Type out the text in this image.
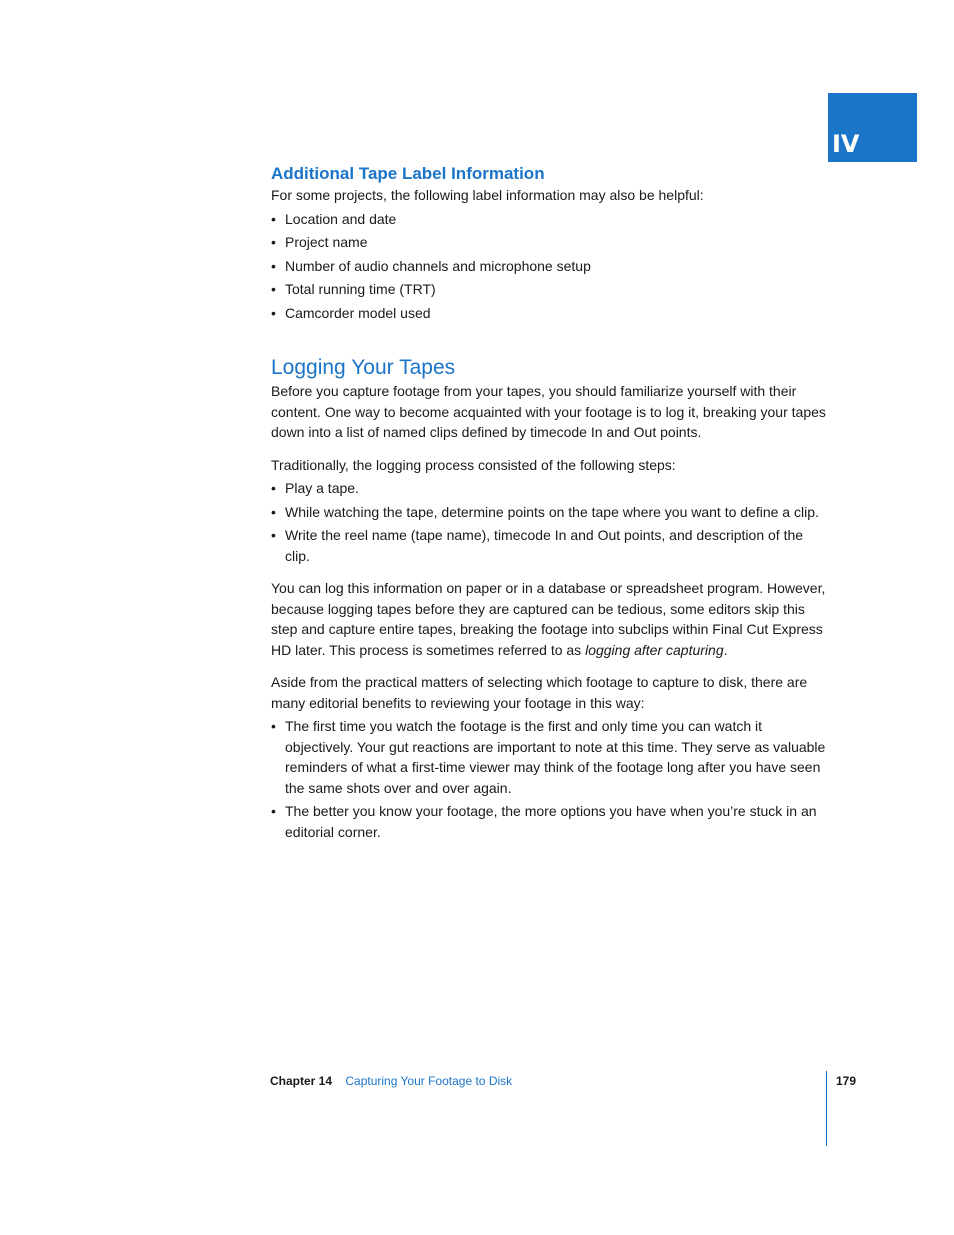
IV
Additional Tape Label Information

For some projects, the following label information may also be helpful:

• Location and date
• Project name
• Number of audio channels and microphone setup
• Total running time (TRT)
• Camcorder model used
Logging Your Tapes

Before you capture footage from your tapes, you should familiarize yourself with their content. One way to become acquainted with your footage is to log it, breaking your tapes down into a list of named clips defined by timecode In and Out points.

Traditionally, the logging process consisted of the following steps:

• Play a tape.
• While watching the tape, determine points on the tape where you want to define a clip.
• Write the reel name (tape name), timecode In and Out points, and description of the clip.

You can log this information on paper or in a database or spreadsheet program. However, because logging tapes before they are captured can be tedious, some editors skip this step and capture entire tapes, breaking the footage into subclips within Final Cut Express HD later. This process is sometimes referred to as logging after capturing.

Aside from the practical matters of selecting which footage to capture to disk, there are many editorial benefits to reviewing your footage in this way:

• The first time you watch the footage is the first and only time you can watch it objectively. Your gut reactions are important to note at this time. They serve as valuable reminders of what a first-time viewer may think of the footage long after you have seen the same shots over and over again.
• The better you know your footage, the more options you have when you’re stuck in an editorial corner.
Chapter 14 Capturing Your Footage to Disk	179
